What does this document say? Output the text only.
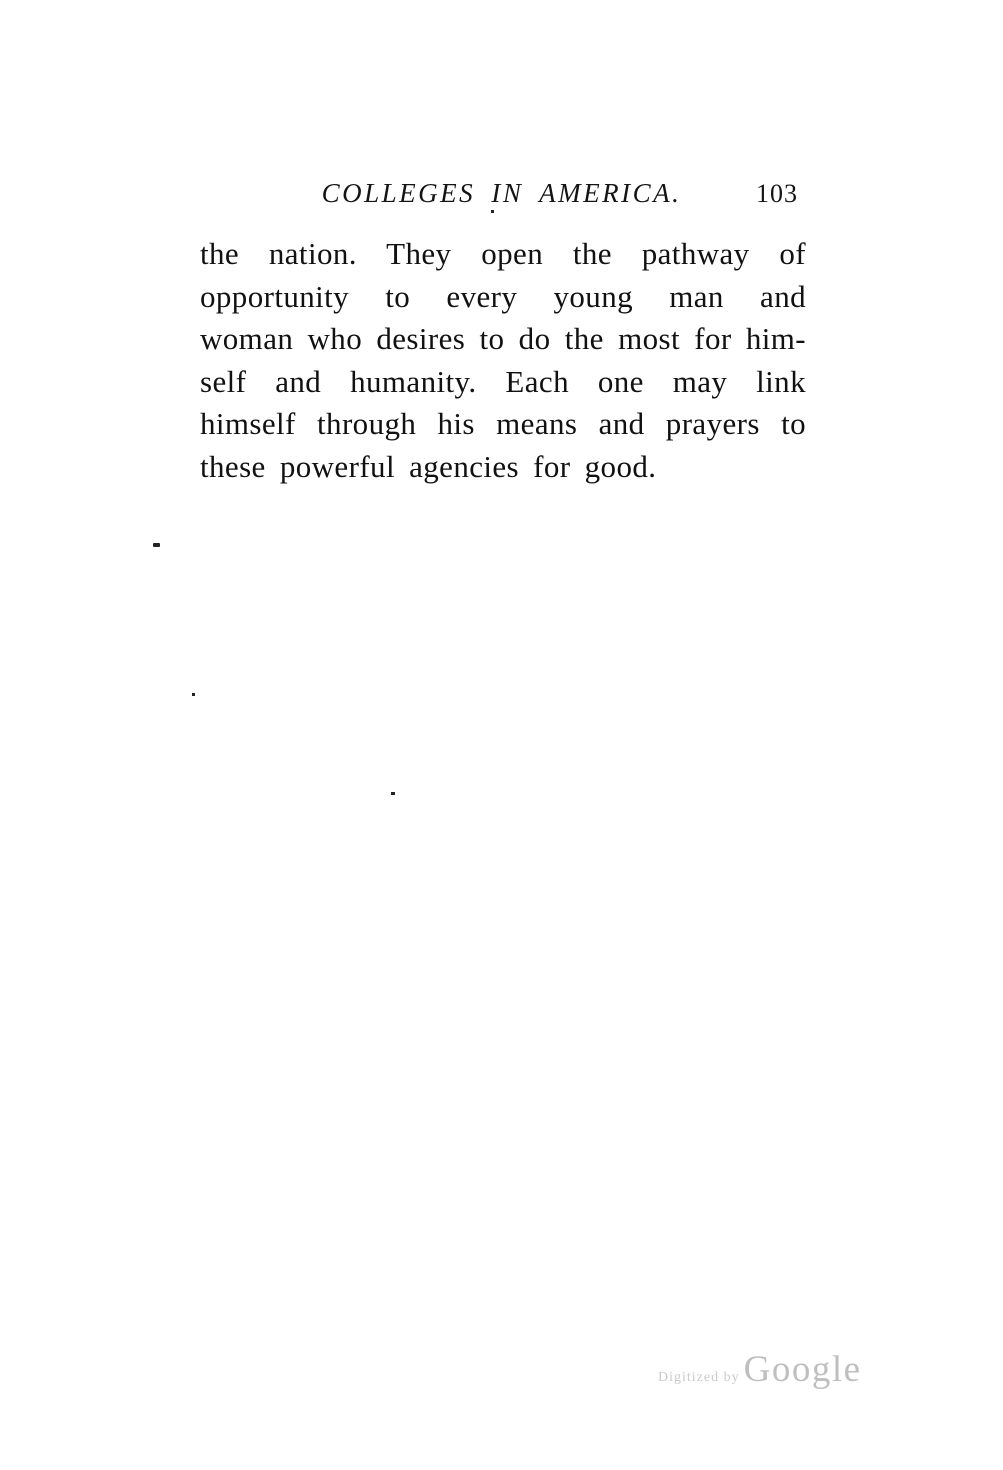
COLLEGES IN AMERICA.	103
the nation. They open the pathway of
opportunity to every young man and
woman who desires to do the most for him-
self and humanity. Each one may link
himself through his means and prayers to
these powerful agencies for good.
Digitized by Google
